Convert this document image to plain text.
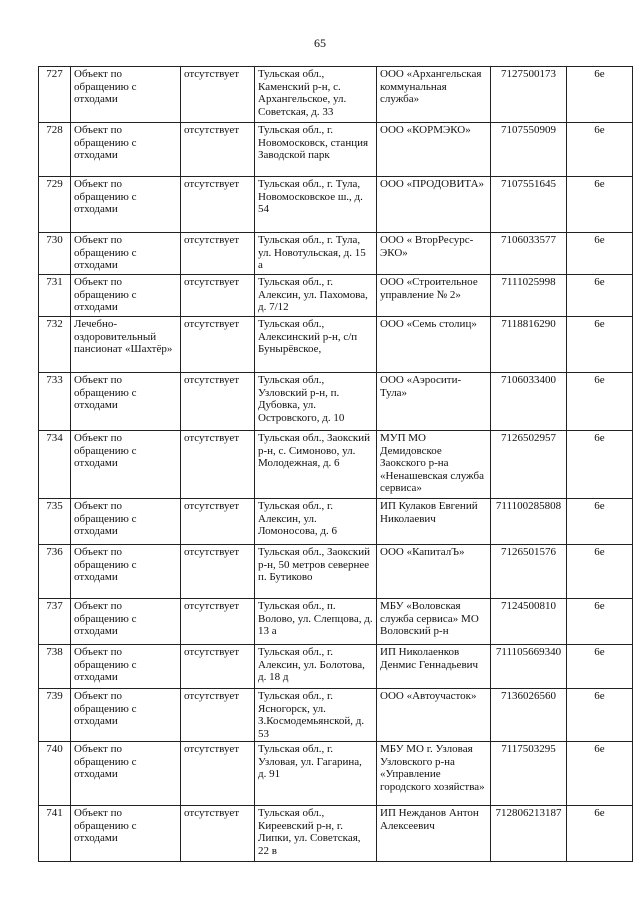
65
727	Объект по обращению с отходами	отсутствует	Тульская обл., Каменский р-н, с. Архангельское, ул. Советская, д. 33	ООО «Архангельская коммунальная служба»	7127500173	6е
728	Объект по обращению с отходами	отсутствует	Тульская обл., г. Новомосковск, станция Заводской парк	ООО «КОРМЭКО»	7107550909	6е
729	Объект по обращению с отходами	отсутствует	Тульская обл., г. Тула, Новомосковское ш., д. 54	ООО «ПРОДОВИТА»	7107551645	6е
730	Объект по обращению с отходами	отсутствует	Тульская обл., г. Тула, ул. Новотульская, д. 15 а	ООО « ВторРесурс-ЭКО»	7106033577	6е
731	Объект по обращению с отходами	отсутствует	Тульская обл., г. Алексин, ул. Пахомова, д. 7/12	ООО «Строительное управление № 2»	7111025998	6е
732	Лечебно-оздоровительный пансионат «Шахтёр»	отсутствует	Тульская обл., Алексинский р-н, с/п Бунырёвское,	ООО «Семь столиц»	7118816290	6е
733	Объект по обращению с отходами	отсутствует	Тульская обл., Узловский р-н, п. Дубовка, ул. Островского, д. 10	ООО «Аэросити-Тула»	7106033400	6е
734	Объект по обращению с отходами	отсутствует	Тульская обл., Заокский р-н, с. Симоново, ул. Молодежная, д. 6	МУП МО Демидовское Заокского р-на «Ненашевская служба сервиса»	7126502957	6е
735	Объект по обращению с отходами	отсутствует	Тульская обл., г. Алексин, ул. Ломоносова, д. 6	ИП Кулаков Евгений Николаевич	711100285808	6е
736	Объект по обращению с отходами	отсутствует	Тульская обл., Заокский р-н, 50 метров севернее п. Бутиково	ООО «КапиталЪ»	7126501576	6е
737	Объект по обращению с отходами	отсутствует	Тульская обл., п. Волово, ул. Слепцова, д. 13 а	МБУ «Воловская служба сервиса» МО Воловский р-н	7124500810	6е
738	Объект по обращению с отходами	отсутствует	Тульская обл., г. Алексин, ул. Болотова, д. 18 д	ИП Николаенков Денмис Геннадьевич	711105669340	6е
739	Объект по обращению с отходами	отсутствует	Тульская обл., г. Ясногорск, ул. З.Космодемьянской, д. 53	ООО «Автоучасток»	7136026560	6е
740	Объект по обращению с отходами	отсутствует	Тульская обл., г. Узловая, ул. Гагарина, д. 91	МБУ МО г. Узловая Узловского р-на «Управление городского хозяйства»	7117503295	6е
741	Объект по обращению с отходами	отсутствует	Тульская обл., Киреевский р-н, г. Липки, ул. Советская, 22 в	ИП Нежданов Антон Алексеевич	712806213187	6е
